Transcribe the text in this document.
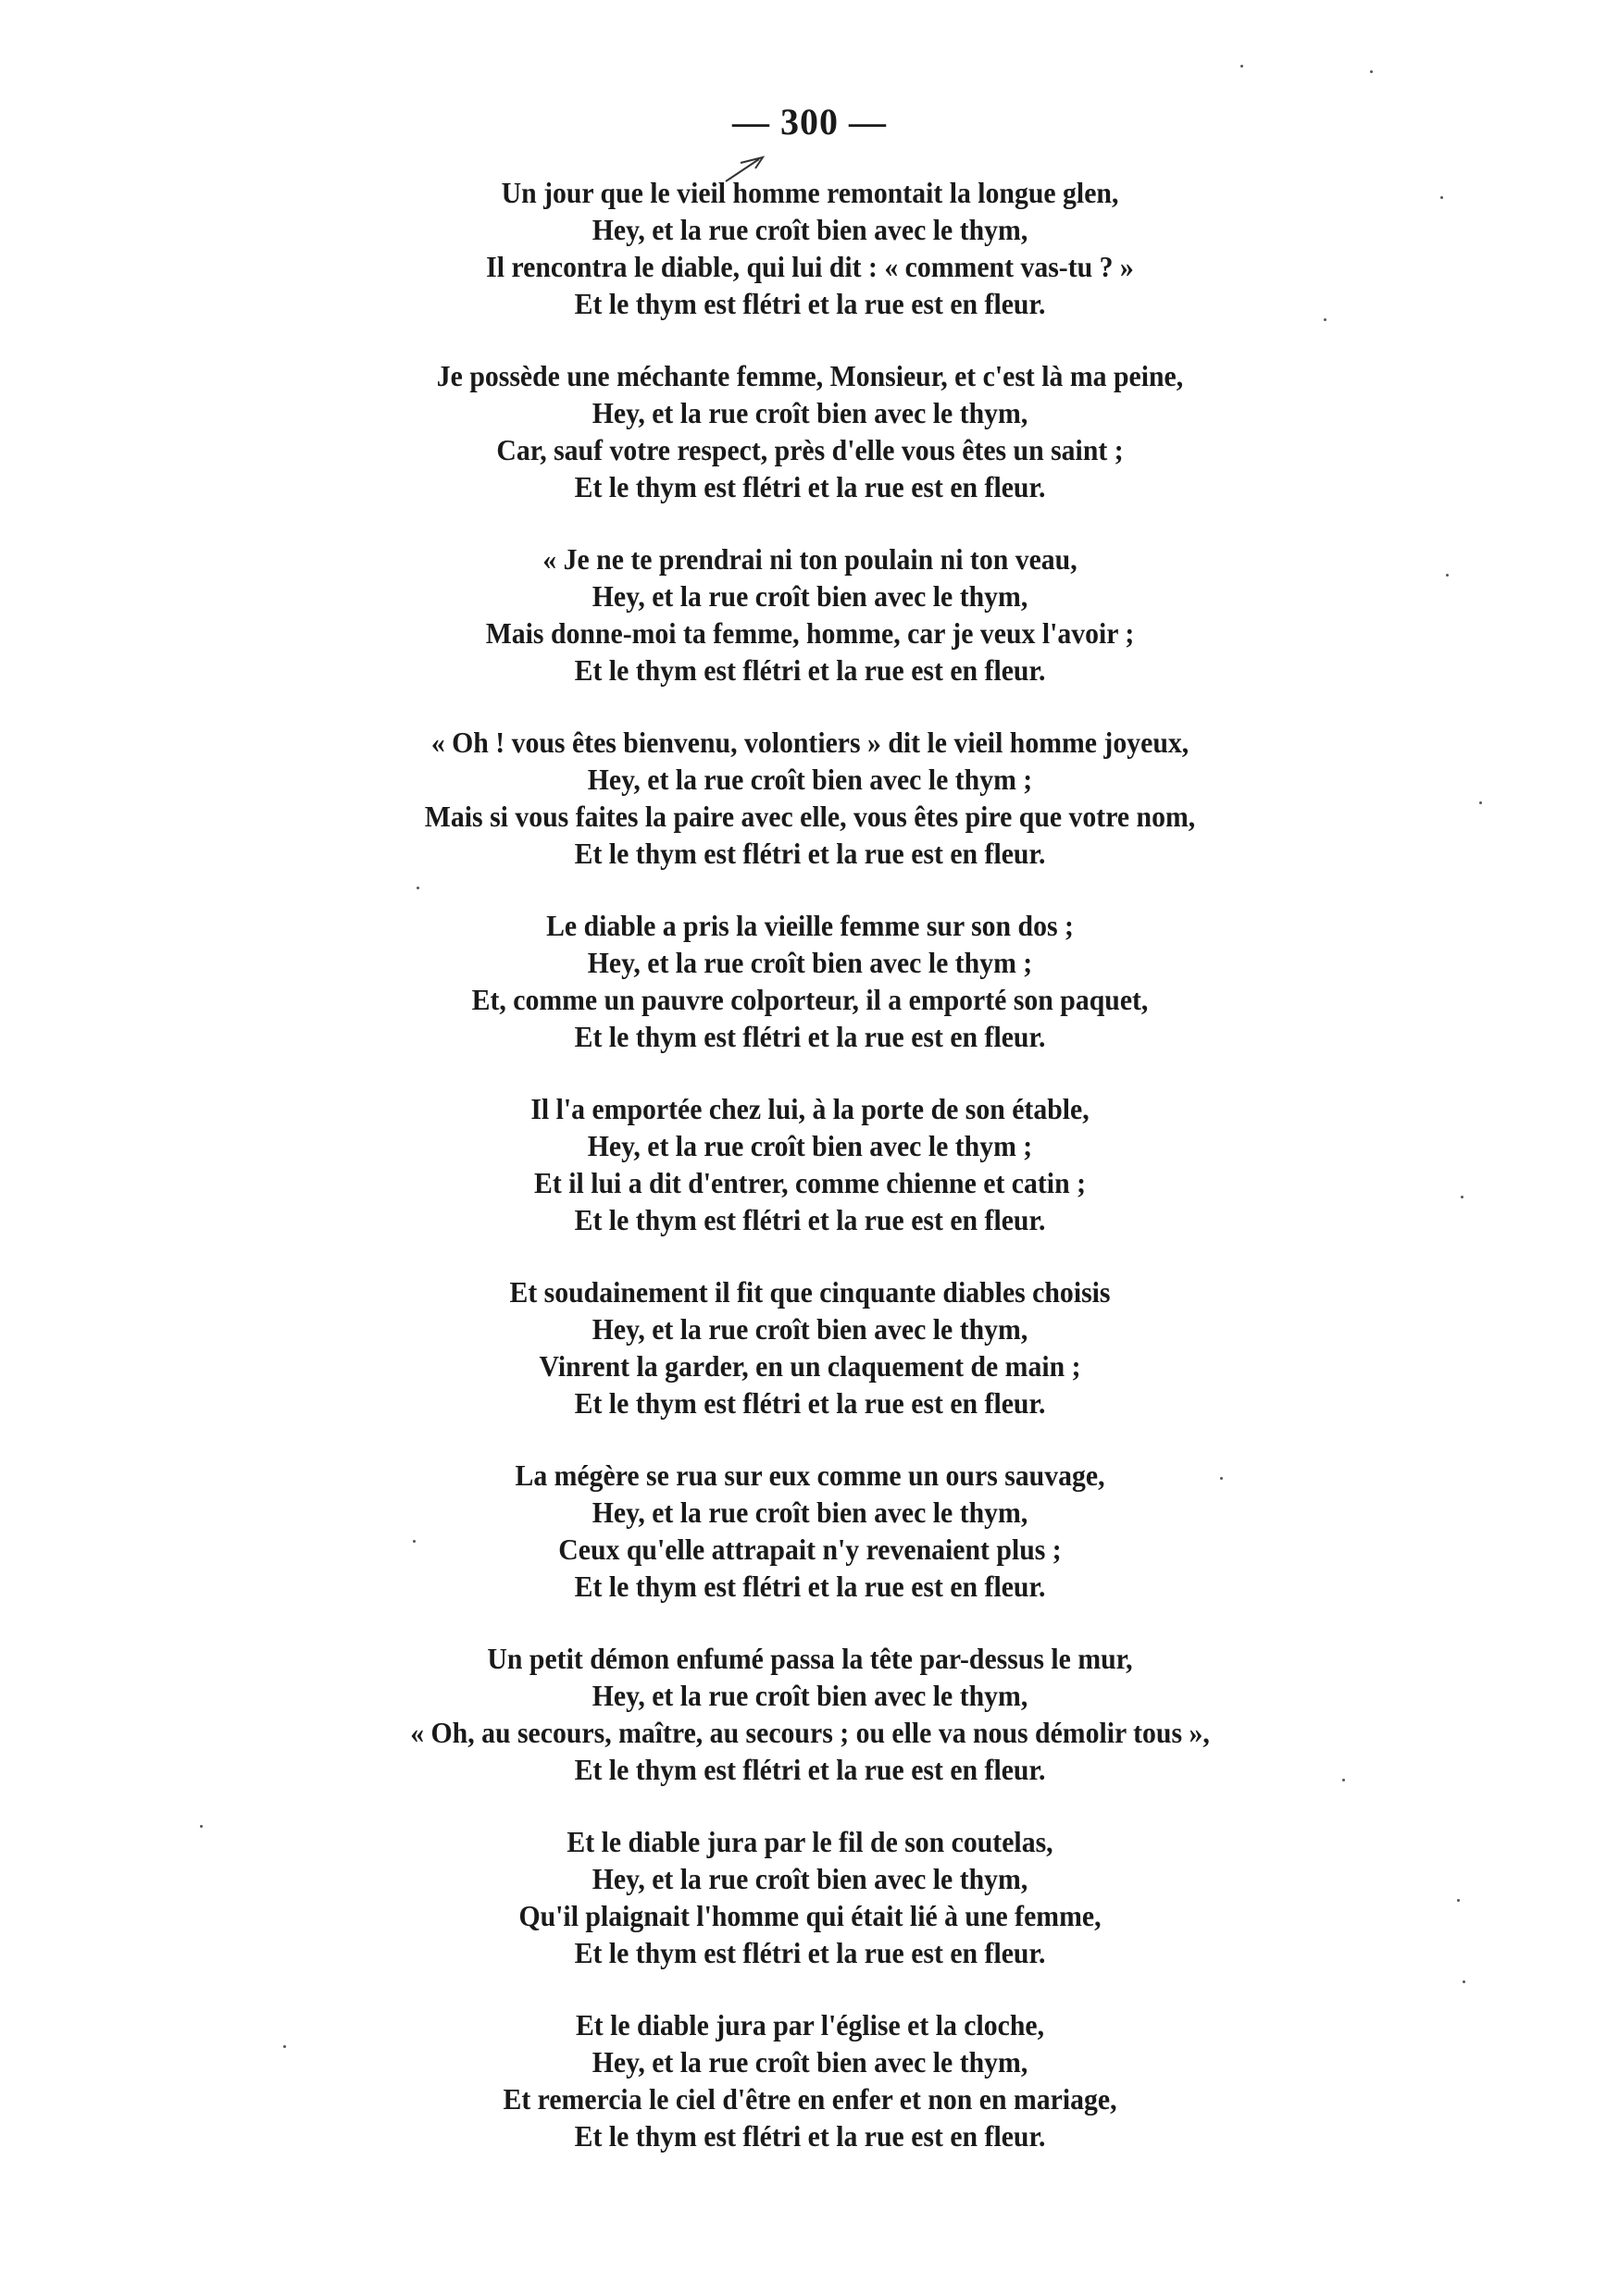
— 300 —
Un jour que le vieil homme remontait la longue glen,
Hey, et la rue croît bien avec le thym,
Il rencontra le diable, qui lui dit : « comment vas-tu ? »
Et le thym est flétri et la rue est en fleur.
Je possède une méchante femme, Monsieur, et c'est là ma peine,
Hey, et la rue croît bien avec le thym,
Car, sauf votre respect, près d'elle vous êtes un saint ;
Et le thym est flétri et la rue est en fleur.
« Je ne te prendrai ni ton poulain ni ton veau,
Hey, et la rue croît bien avec le thym,
Mais donne-moi ta femme, homme, car je veux l'avoir ;
Et le thym est flétri et la rue est en fleur.
« Oh ! vous êtes bienvenu, volontiers » dit le vieil homme joyeux,
Hey, et la rue croît bien avec le thym ;
Mais si vous faites la paire avec elle, vous êtes pire que votre nom,
Et le thym est flétri et la rue est en fleur.
Le diable a pris la vieille femme sur son dos ;
Hey, et la rue croît bien avec le thym ;
Et, comme un pauvre colporteur, il a emporté son paquet,
Et le thym est flétri et la rue est en fleur.
Il l'a emportée chez lui, à la porte de son étable,
Hey, et la rue croît bien avec le thym ;
Et il lui a dit d'entrer, comme chienne et catin ;
Et le thym est flétri et la rue est en fleur.
Et soudainement il fit que cinquante diables choisis
Hey, et la rue croît bien avec le thym,
Vinrent la garder, en un claquement de main ;
Et le thym est flétri et la rue est en fleur.
La mégère se rua sur eux comme un ours sauvage,
Hey, et la rue croît bien avec le thym,
Ceux qu'elle attrapait n'y revenaient plus ;
Et le thym est flétri et la rue est en fleur.
Un petit démon enfumé passa la tête par-dessus le mur,
Hey, et la rue croît bien avec le thym,
« Oh, au secours, maître, au secours ; ou elle va nous démolir tous »,
Et le thym est flétri et la rue est en fleur.
Et le diable jura par le fil de son coutelas,
Hey, et la rue croît bien avec le thym,
Qu'il plaignait l'homme qui était lié à une femme,
Et le thym est flétri et la rue est en fleur.
Et le diable jura par l'église et la cloche,
Hey, et la rue croît bien avec le thym,
Et remercia le ciel d'être en enfer et non en mariage,
Et le thym est flétri et la rue est en fleur.
